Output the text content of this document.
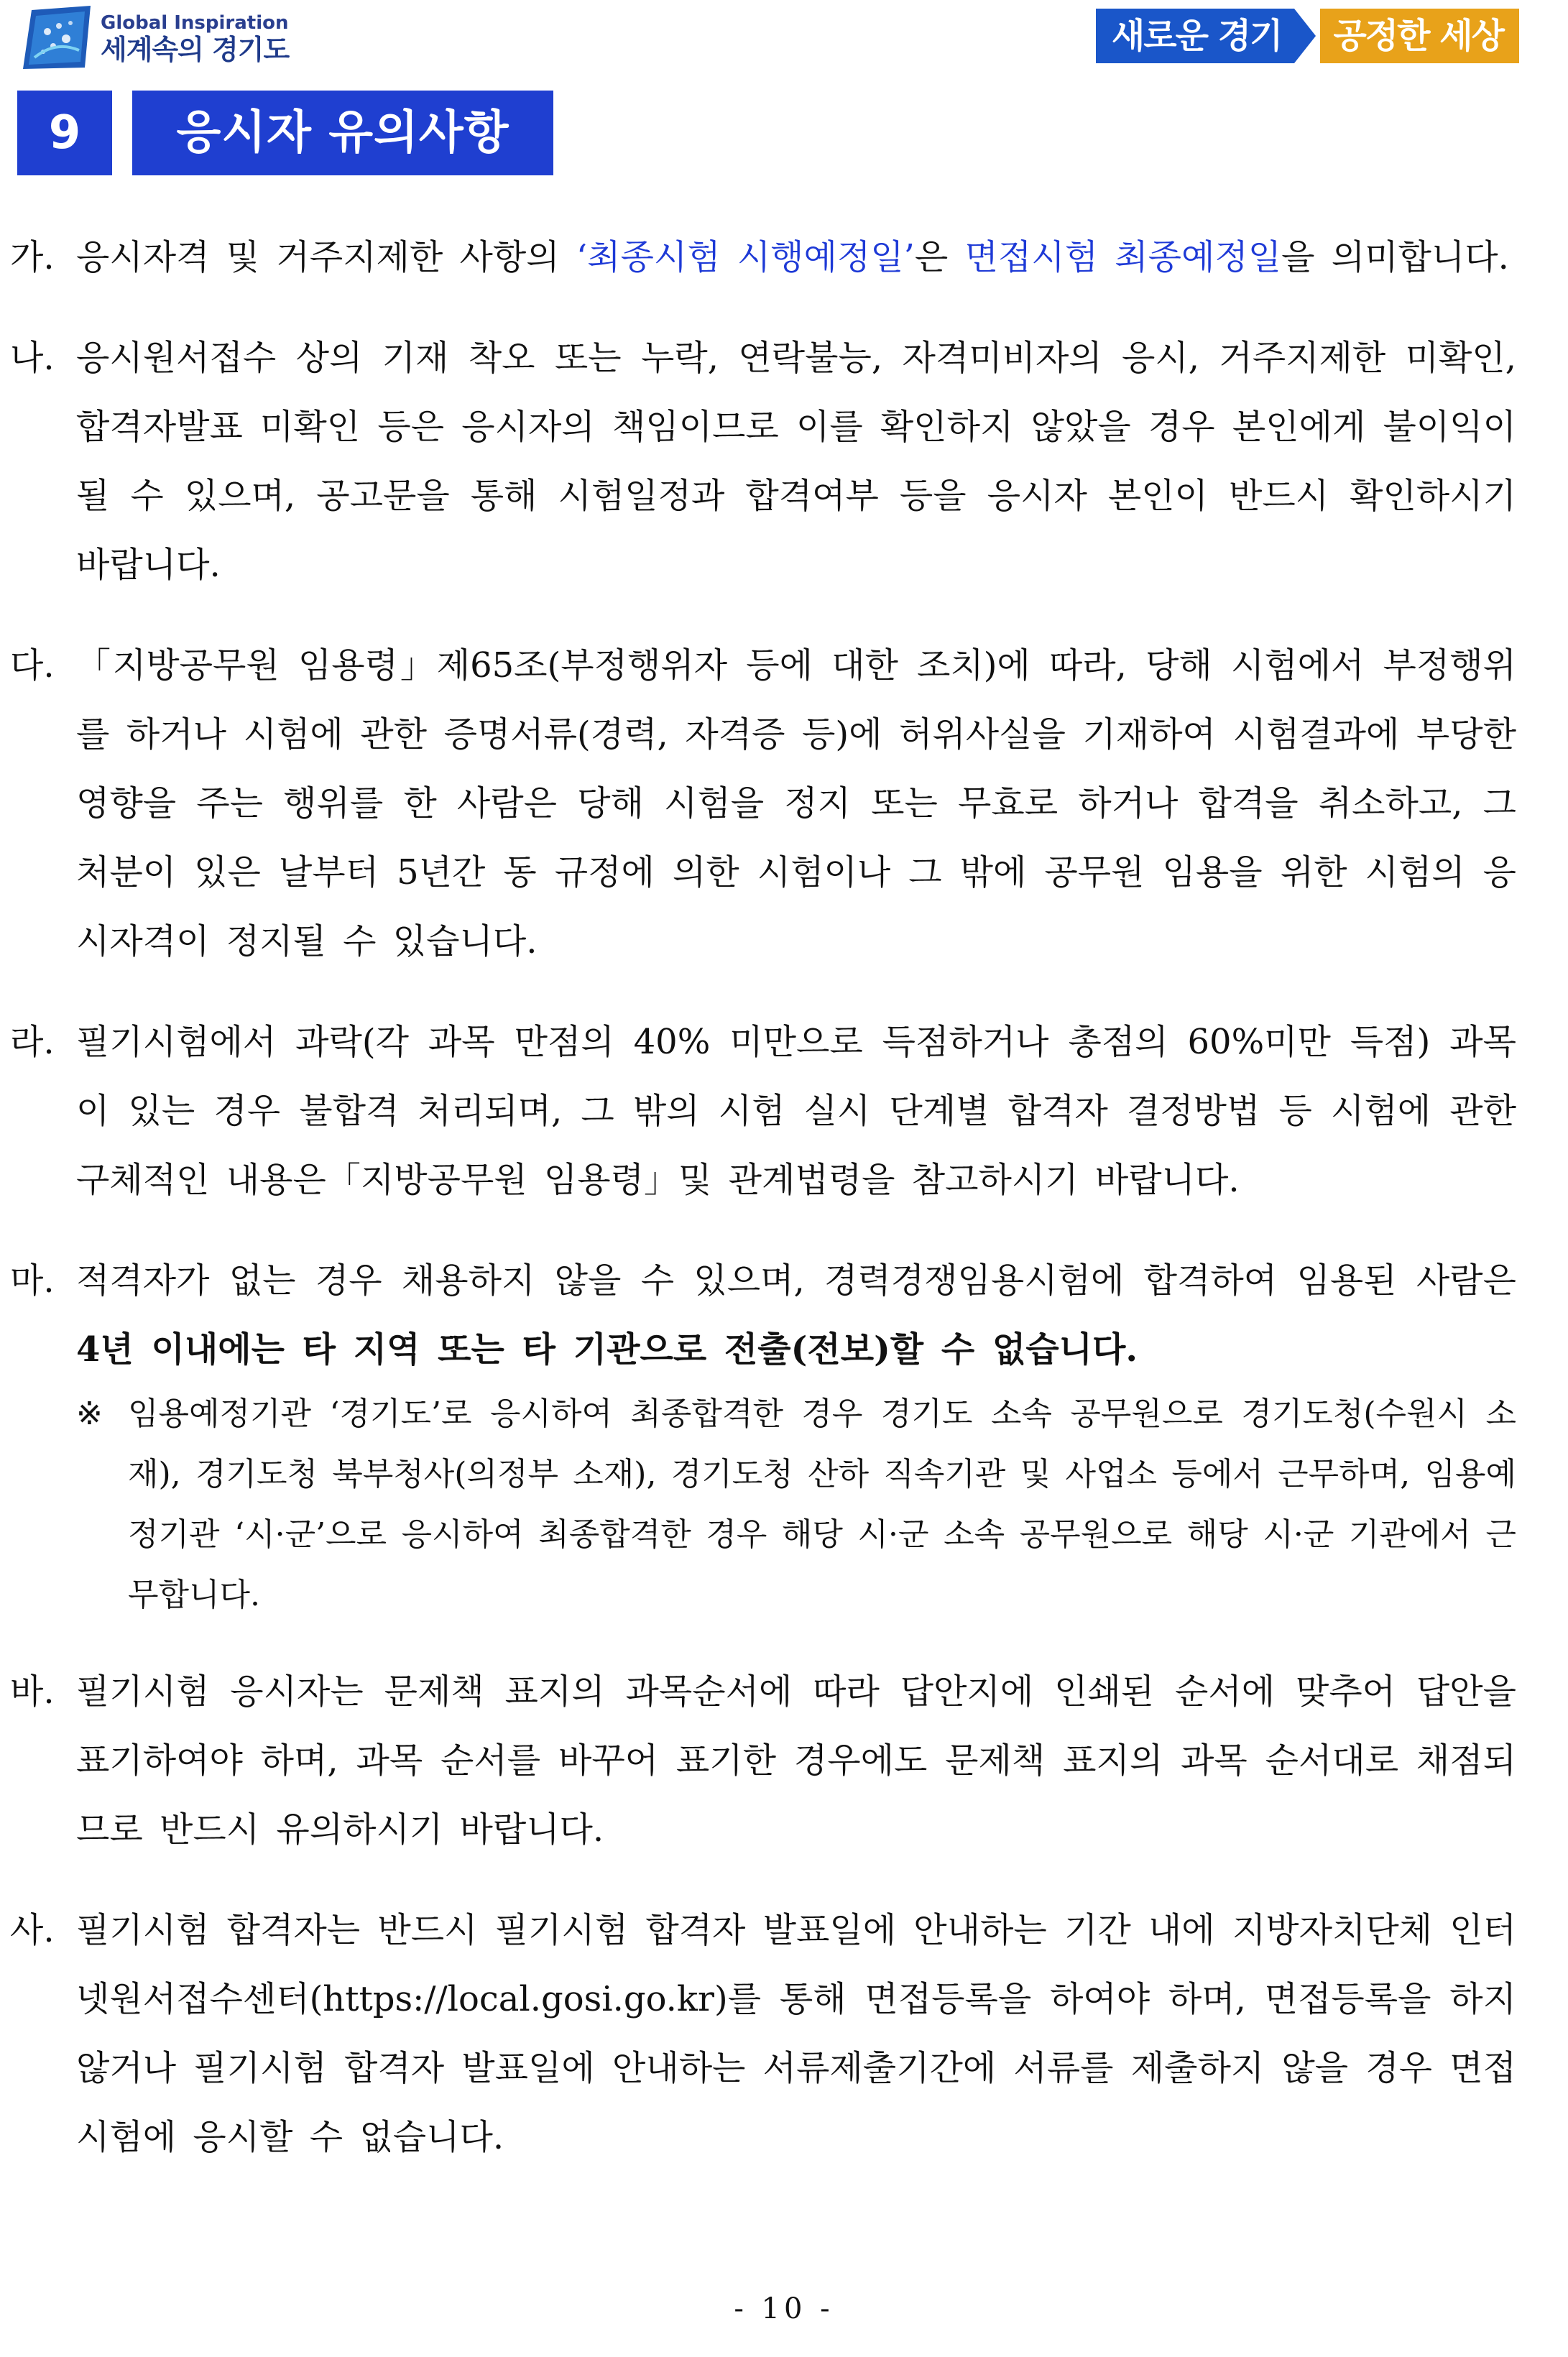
Global Inspiration
세계속의 경기도	새로운 경기	공정한 세상
9	응시자 유의사항
가. 응시자격 및 거주지제한 사항의 ‘최종시험 시행예정일’은 면접시험 최종예정일을 의미합니다.
나. 응시원서접수 상의 기재 착오 또는 누락, 연락불능, 자격미비자의 응시, 거주지제한 미확인, 합격자발표 미확인 등은 응시자의 책임이므로 이를 확인하지 않았을 경우 본인에게 불이익이 될 수 있으며, 공고문을 통해 시험일정과 합격여부 등을 응시자 본인이 반드시 확인하시기 바랍니다.
다. 「지방공무원 임용령」제65조(부정행위자 등에 대한 조치)에 따라, 당해 시험에서 부정행위를 하거나 시험에 관한 증명서류(경력, 자격증 등)에 허위사실을 기재하여 시험결과에 부당한 영향을 주는 행위를 한 사람은 당해 시험을 정지 또는 무효로 하거나 합격을 취소하고, 그 처분이 있은 날부터 5년간 동 규정에 의한 시험이나 그 밖에 공무원 임용을 위한 시험의 응시자격이 정지될 수 있습니다.
라. 필기시험에서 과락(각 과목 만점의 40% 미만으로 득점하거나 총점의 60%미만 득점) 과목이 있는 경우 불합격 처리되며, 그 밖의 시험 실시 단계별 합격자 결정방법 등 시험에 관한 구체적인 내용은「지방공무원 임용령」및 관계법령을 참고하시기 바랍니다.
마. 적격자가 없는 경우 채용하지 않을 수 있으며, 경력경쟁임용시험에 합격하여 임용된 사람은 4년 이내에는 타 지역 또는 타 기관으로 전출(전보)할 수 없습니다.
※ 임용예정기관 ‘경기도’로 응시하여 최종합격한 경우 경기도 소속 공무원으로 경기도청(수원시 소재), 경기도청 북부청사(의정부 소재), 경기도청 산하 직속기관 및 사업소 등에서 근무하며, 임용예정기관 ‘시·군’으로 응시하여 최종합격한 경우 해당 시·군 소속 공무원으로 해당 시·군 기관에서 근무합니다.
바. 필기시험 응시자는 문제책 표지의 과목순서에 따라 답안지에 인쇄된 순서에 맞추어 답안을 표기하여야 하며, 과목 순서를 바꾸어 표기한 경우에도 문제책 표지의 과목 순서대로 채점되므로 반드시 유의하시기 바랍니다.
사. 필기시험 합격자는 반드시 필기시험 합격자 발표일에 안내하는 기간 내에 지방자치단체 인터넷원서접수센터(https://local.gosi.go.kr)를 통해 면접등록을 하여야 하며, 면접등록을 하지 않거나 필기시험 합격자 발표일에 안내하는 서류제출기간에 서류를 제출하지 않을 경우 면접시험에 응시할 수 없습니다.
- 10 -
